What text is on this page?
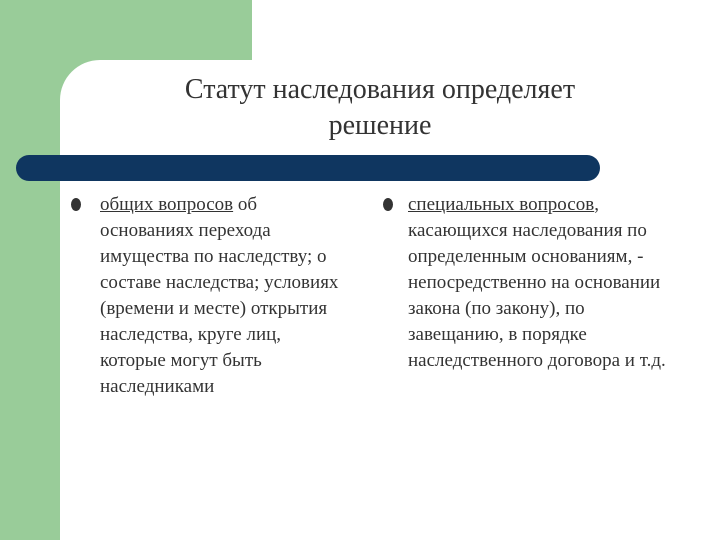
Статут наследования определяет
решение
общих вопросов об основаниях перехода имущества по наследству; о составе наследства; условиях (времени и месте) открытия наследства, круге лиц, которые могут быть наследниками
специальных вопросов, касающихся наследования по определенным основаниям, - непосредственно на основании закона (по закону), по завещанию, в порядке наследственного договора и т.д.
